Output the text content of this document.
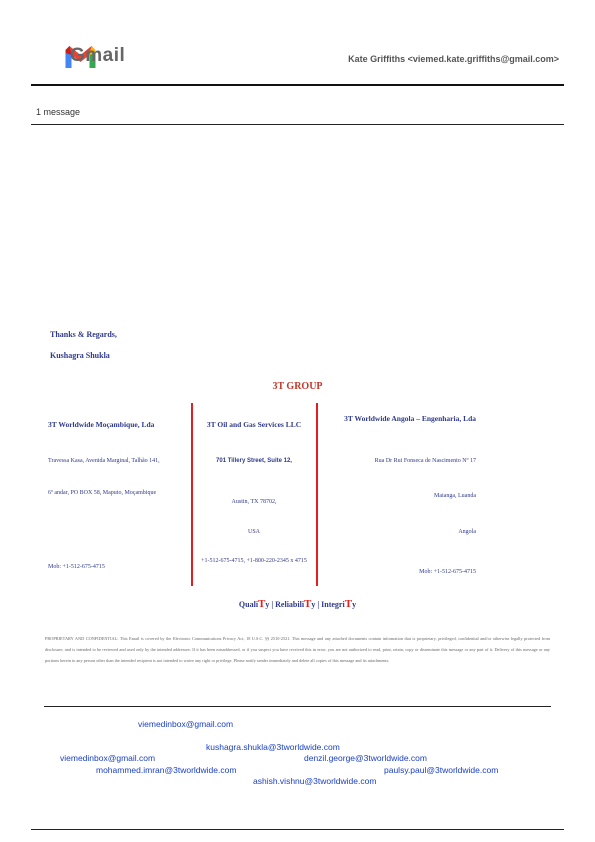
Gmail	Kate Griffiths <viemed.kate.griffiths@gmail.com>
1 message
Thanks & Regards,
Kushagra Shukla
3T GROUP
3T Worldwide Moçambique, Lda
Travessa Kasa, Avenida Marginal, Talhão 141,
6º andar, PO BOX 58, Maputo, Moçambique
Mob: +1-512-675-4715
3T Oil and Gas Services LLC
701 Tillery Street, Suite 12,
Austin, TX 78702,
USA
+1-512-675-4715, +1-800-220-2345 x 4715
3T Worldwide Angola – Engenharia, Lda
Rua Dr Rui Fonseca de Nascimento Nº 17
Maianga, Luanda
Angola
Mob: +1-512-675-4715
QualiTy | ReliabiliTy | IntegriTy
PROPRIETARY AND CONFIDENTIAL: This Email is covered by the Electronic Communications Privacy Act, 18 U.S.C. §§ 2510-2521. This message and any attached documents contain information that is proprietary, privileged, confidential and/or otherwise legally protected from disclosure, and is intended to be reviewed and used only by the intended addressee. If it has been misaddressed, or if you suspect you have received this in error, you are not authorized to read, print, retain, copy or disseminate this message or any part of it. Delivery of this message or any portions herein to any person other than the intended recipient is not intended to waive any right or privilege. Please notify sender immediately and delete all copies of this message and its attachments.
viemedinbox@gmail.com
kushagra.shukla@3tworldwide.com
viemedinbox@gmail.com	denzil.george@3tworldwide.com
mohammed.imran@3tworldwide.com	paulsy.paul@3tworldwide.com
ashish.vishnu@3tworldwide.com
